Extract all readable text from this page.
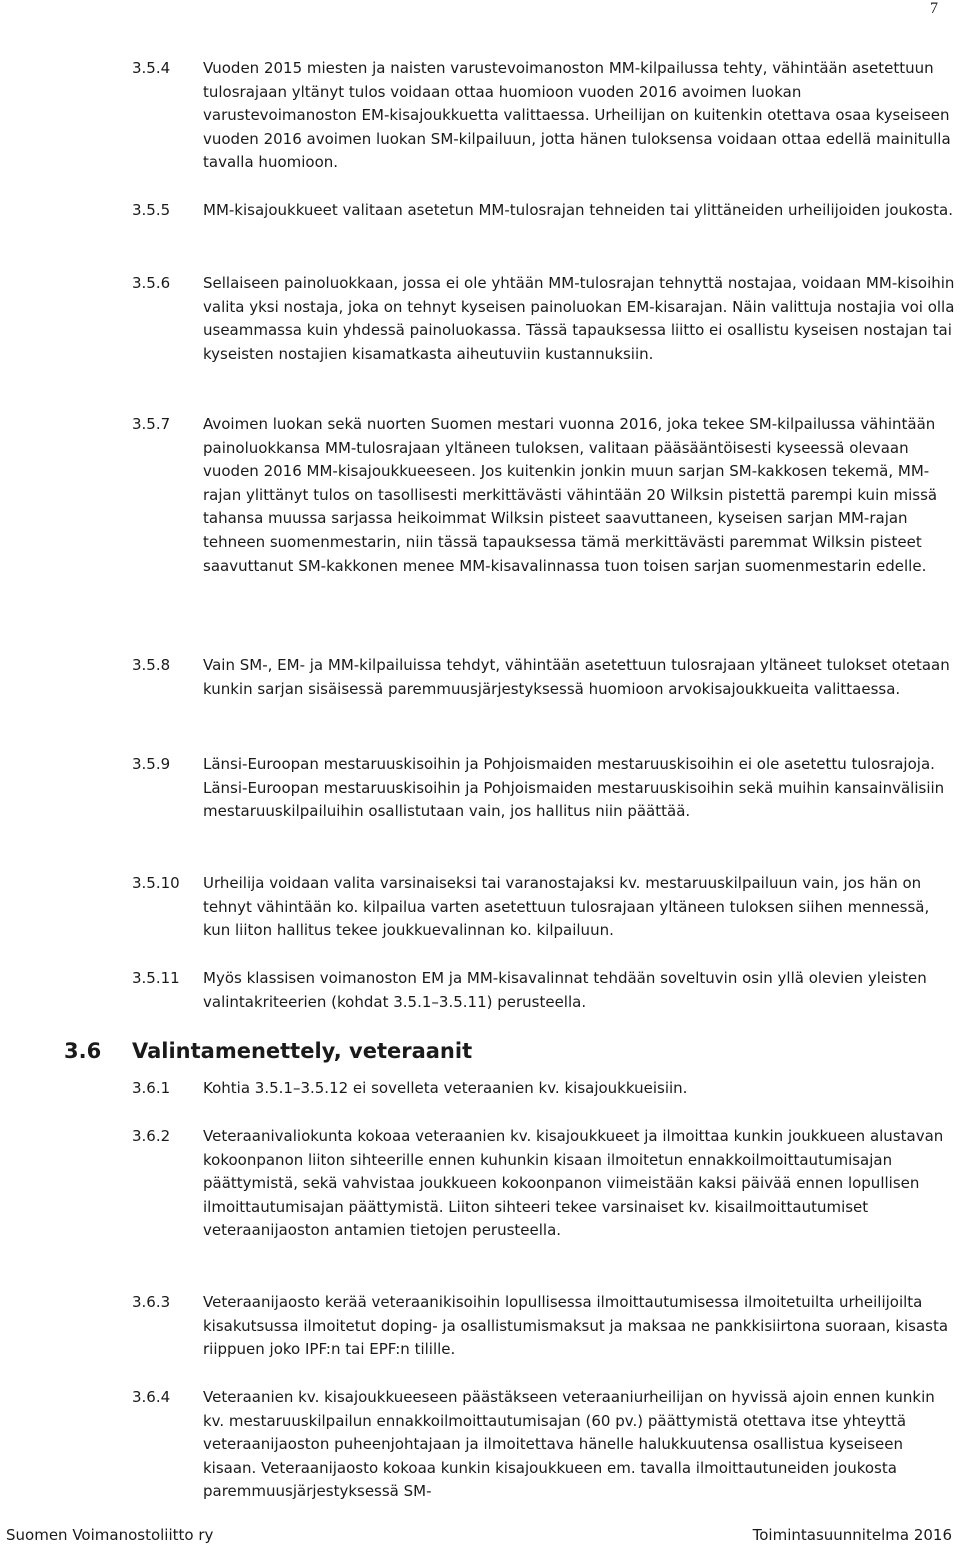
7
3.5.4 Vuoden 2015 miesten ja naisten varustevoimanoston MM-kilpailussa tehty, vähintään asetettuun tulosrajaan yltänyt tulos voidaan ottaa huomioon vuoden 2016 avoimen luokan varustevoimanoston EM-kisajoukkuetta valittaessa. Urheilijan on kuitenkin otettava osaa kyseiseen vuoden 2016 avoimen luokan SM-kilpailuun, jotta hänen tuloksensa voidaan ottaa edellä mainitulla tavalla huomioon.
3.5.5 MM-kisajoukkueet valitaan asetetun MM-tulosrajan tehneiden tai ylittäneiden urheilijoiden joukosta.
3.5.6 Sellaiseen painoluokkaan, jossa ei ole yhtään MM-tulosrajan tehnyttä nostajaa, voidaan MM-kisoihin valita yksi nostaja, joka on tehnyt kyseisen painoluokan EM-kisarajan. Näin valittuja nostajia voi olla useammassa kuin yhdessä painoluokassa. Tässä tapauksessa liitto ei osallistu kyseisen nostajan tai kyseisten nostajien kisamatkasta aiheutuviin kustannuksiin.
3.5.7 Avoimen luokan sekä nuorten Suomen mestari vuonna 2016, joka tekee SM-kilpailussa vähintään painoluokkansa MM-tulosrajaan yltäneen tuloksen, valitaan pääsääntöisesti kyseessä olevaan vuoden 2016 MM-kisajoukkueeseen. Jos kuitenkin jonkin muun sarjan SM-kakkosen tekemä, MM-rajan ylittänyt tulos on tasollisesti merkittävästi vähintään 20 Wilksin pistettä parempi kuin missä tahansa muussa sarjassa heikoimmat Wilksin pisteet saavuttaneen, kyseisen sarjan MM-rajan tehneen suomenmestarin, niin tässä tapauksessa tämä merkittävästi paremmat Wilksin pisteet saavuttanut SM-kakkonen menee MM-kisavalinnassa tuon toisen sarjan suomenmestarin edelle.
3.5.8 Vain SM-, EM- ja MM-kilpailuissa tehdyt, vähintään asetettuun tulosrajaan yltäneet tulokset otetaan kunkin sarjan sisäisessä paremmuusjärjestyksessä huomioon arvokisajoukkueita valittaessa.
3.5.9 Länsi-Euroopan mestaruuskisoihin ja Pohjoismaiden mestaruuskisoihin ei ole asetettu tulosrajoja. Länsi-Euroopan mestaruuskisoihin ja Pohjoismaiden mestaruuskisoihin sekä muihin kansainvälisiin mestaruuskilpailuihin osallistutaan vain, jos hallitus niin päättää.
3.5.10 Urheilija voidaan valita varsinaiseksi tai varanostajaksi kv. mestaruuskilpailuun vain, jos hän on tehnyt vähintään ko. kilpailua varten asetettuun tulosrajaan yltäneen tuloksen siihen mennessä, kun liiton hallitus tekee joukkuevalinnan ko. kilpailuun.
3.5.11 Myös klassisen voimanoston EM ja MM-kisavalinnat tehdään soveltuvin osin yllä olevien yleisten valintakriteerien (kohdat 3.5.1–3.5.11) perusteella.
3.6 Valintamenettely, veteraanit
3.6.1 Kohtia 3.5.1–3.5.12 ei sovelleta veteraanien kv. kisajoukkueisiin.
3.6.2 Veteraanivaliokunta kokoaa veteraanien kv. kisajoukkueet ja ilmoittaa kunkin joukkueen alustavan kokoonpanon liiton sihteerille ennen kuhunkin kisaan ilmoitetun ennakkoilmoittautumisajan päättymistä, sekä vahvistaa joukkueen kokoonpanon viimeistään kaksi päivää ennen lopullisen ilmoittautumisajan päättymistä. Liiton sihteeri tekee varsinaiset kv. kisailmoittautumiset veteraanijaoston antamien tietojen perusteella.
3.6.3 Veteraanijaosto kerää veteraanikisoihin lopullisessa ilmoittautumisessa ilmoitetuilta urheilijoilta kisakutsussa ilmoitetut doping- ja osallistumismaksut ja maksaa ne pankkisiirtona suoraan, kisasta riippuen joko IPF:n tai EPF:n tilille.
3.6.4 Veteraanien kv. kisajoukkueeseen päästäkseen veteraaniurheilijan on hyvissä ajoin ennen kunkin kv. mestaruuskilpailun ennakkoilmoittautumisajan (60 pv.) päättymistä otettava itse yhteyttä veteraanijaoston puheenjohtajaan ja ilmoitettava hänelle halukkuutensa osallistua kyseiseen kisaan. Veteraanijaosto kokoaa kunkin kisajoukkueen em. tavalla ilmoittautuneiden joukosta paremmuusjärjestyksessä SM-
Suomen Voimanostoliitto ry	Toimintasuunnitelma 2016
